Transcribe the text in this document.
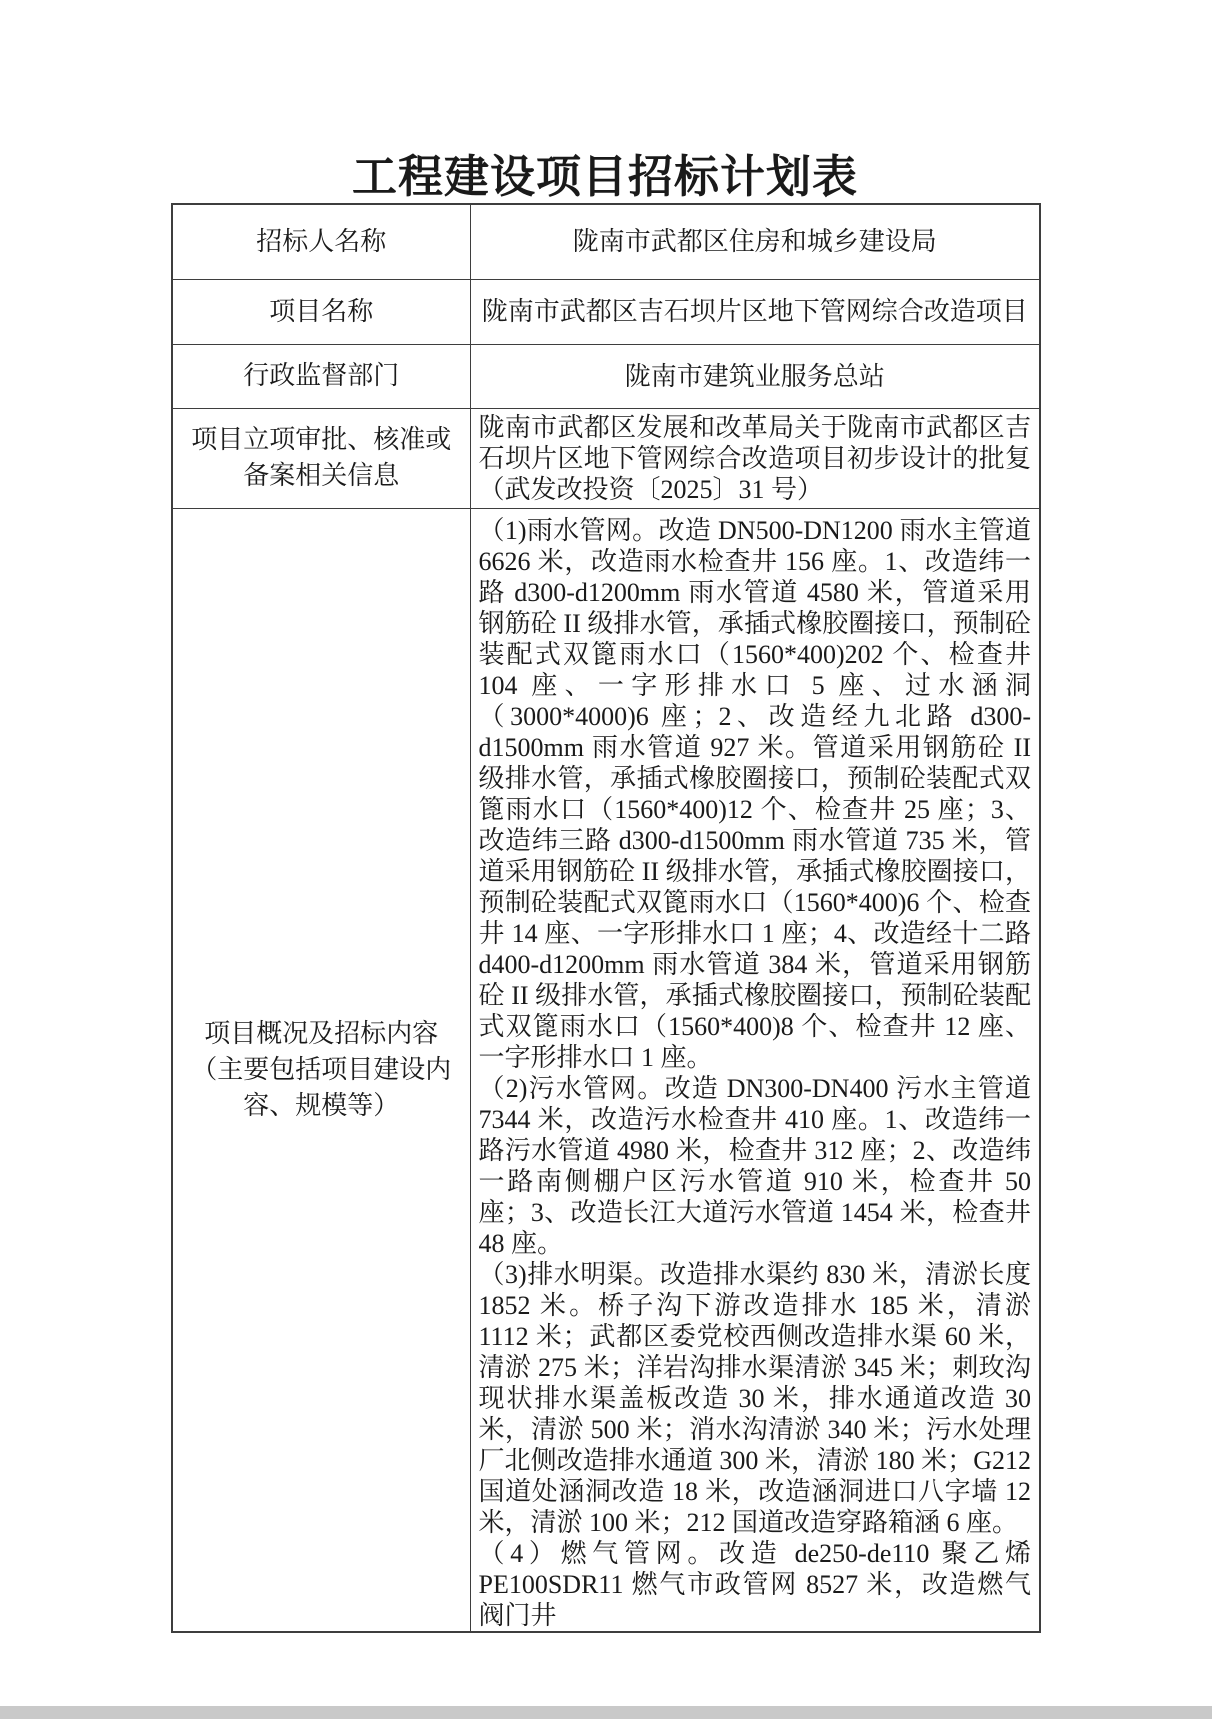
工程建设项目招标计划表
招标人名称	陇南市武都区住房和城乡建设局
项目名称	陇南市武都区吉石坝片区地下管网综合改造项目
行政监督部门	陇南市建筑业服务总站
项目立项审批、核准或备案相关信息	陇南市武都区发展和改革局关于陇南市武都区吉石坝片区地下管网综合改造项目初步设计的批复（武发改投资〔2025〕31 号）
项目概况及招标内容（主要包括项目建设内容、规模等）	（1)雨水管网。改造 DN500-DN1200 雨水主管道 6626 米，改造雨水检查井 156 座。1、改造纬一路 d300-d1200mm 雨水管道 4580 米，管道采用钢筋砼 II 级排水管，承插式橡胶圈接口，预制砼装配式双篦雨水口（1560*400)202 个、检查井 104 座、一字形排水口 5 座、过水涵洞（3000*4000)6 座；2、改造经九北路 d300-d1500mm 雨水管道 927 米。管道采用钢筋砼 II 级排水管，承插式橡胶圈接口，预制砼装配式双篦雨水口（1560*400)12 个、检查井 25 座；3、改造纬三路 d300-d1500mm 雨水管道 735 米，管道采用钢筋砼 II 级排水管，承插式橡胶圈接口，预制砼装配式双篦雨水口（1560*400)6 个、检查井 14 座、一字形排水口 1 座；4、改造经十二路 d400-d1200mm 雨水管道 384 米，管道采用钢筋砼 II 级排水管，承插式橡胶圈接口，预制砼装配式双篦雨水口（1560*400)8 个、检查井 12 座、一字形排水口 1 座。

（2)污水管网。改造 DN300-DN400 污水主管道 7344 米，改造污水检查井 410 座。1、改造纬一路污水管道 4980 米，检查井 312 座；2、改造纬一路南侧棚户区污水管道 910 米，检查井 50 座；3、改造长江大道污水管道 1454 米，检查井 48 座。

（3)排水明渠。改造排水渠约 830 米，清淤长度 1852 米。桥子沟下游改造排水 185 米，清淤 1112 米；武都区委党校西侧改造排水渠 60 米，清淤 275 米；洋岩沟排水渠清淤 345 米；刺玫沟现状排水渠盖板改造 30 米，排水通道改造 30 米，清淤 500 米；消水沟清淤 340 米；污水处理厂北侧改造排水通道 300 米，清淤 180 米；G212 国道处涵洞改造 18 米，改造涵洞进口八字墙 12 米，清淤 100 米；212 国道改造穿路箱涵 6 座。

（4）燃气管网。改造 de250-de110 聚乙烯 PE100SDR11 燃气市政管网 8527 米，改造燃气阀门井
